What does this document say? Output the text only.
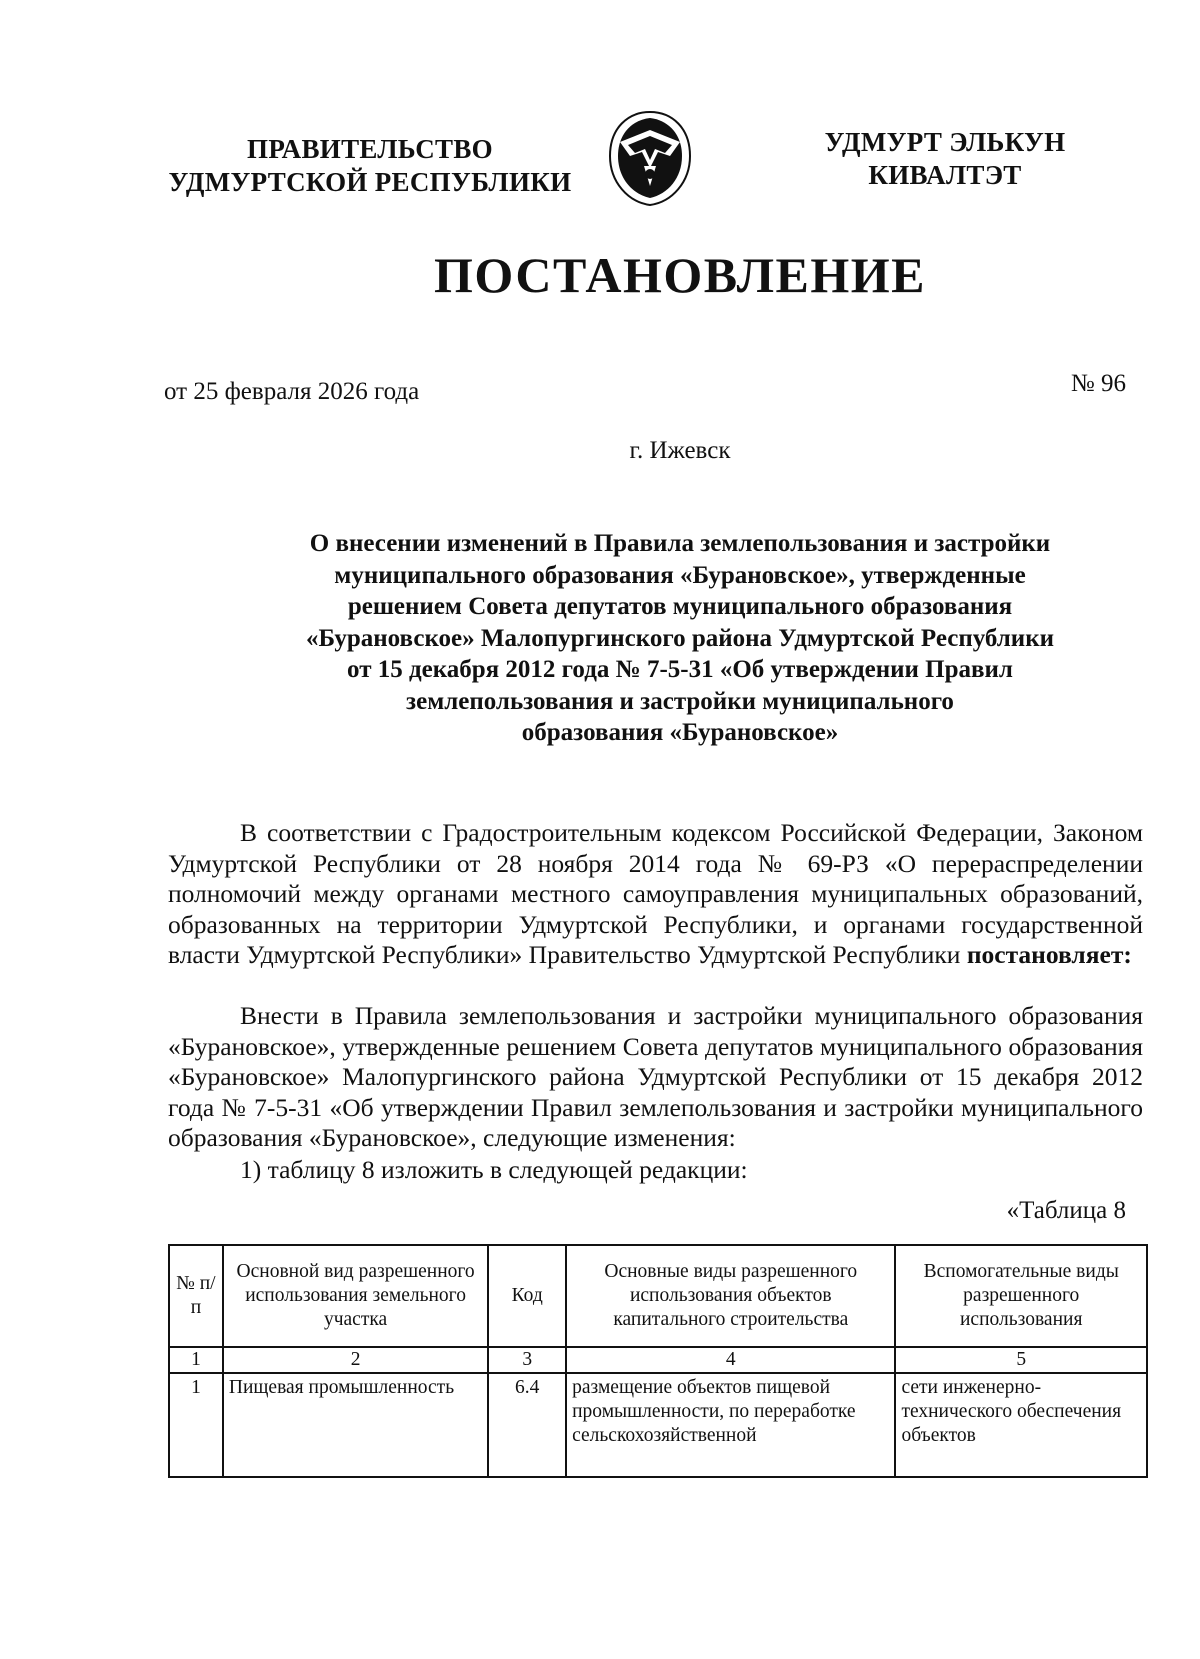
ПРАВИТЕЛЬСТВО
УДМУРТСКОЙ РЕСПУБЛИКИ
УДМУРТ ЭЛЬКУН
КИВАЛТЭТ
ПОСТАНОВЛЕНИЕ
от 25 февраля 2026 года	№ 96
г. Ижевск
О внесении изменений в Правила землепользования и застройки
муниципального образования «Бурановское», утвержденные
решением Совета депутатов муниципального образования
«Бурановское» Малопургинского района Удмуртской Республики
от 15 декабря 2012 года № 7-5-31 «Об утверждении Правил
землепользования и застройки муниципального
образования «Бурановское»

В соответствии с Градостроительным кодексом Российской Федерации, Законом Удмуртской Республики от 28 ноября 2014 года № 69-РЗ «О перераспределении полномочий между органами местного самоуправления муниципальных образований, образованных на территории Удмуртской Республики, и органами государственной власти Удмуртской Республики» Правительство Удмуртской Республики постановляет:

Внести в Правила землепользования и застройки муниципального образования «Бурановское», утвержденные решением Совета депутатов муниципального образования «Бурановское» Малопургинского района Удмуртской Республики от 15 декабря 2012 года № 7-5-31 «Об утверждении Правил землепользования и застройки муниципального образования «Бурановское», следующие изменения:

1) таблицу 8 изложить в следующей редакции:

«Таблица 8
№ п/п	Основной вид разрешенного использования земельного участка	Код	Основные виды разрешенного использования объектов капитального строительства	Вспомогательные виды разрешенного использования
1	2	3	4	5
1	Пищевая промышленность	6.4	размещение объектов пищевой промышленности, по переработке сельскохозяйственной	сети инженерно-технического обеспечения объектов
